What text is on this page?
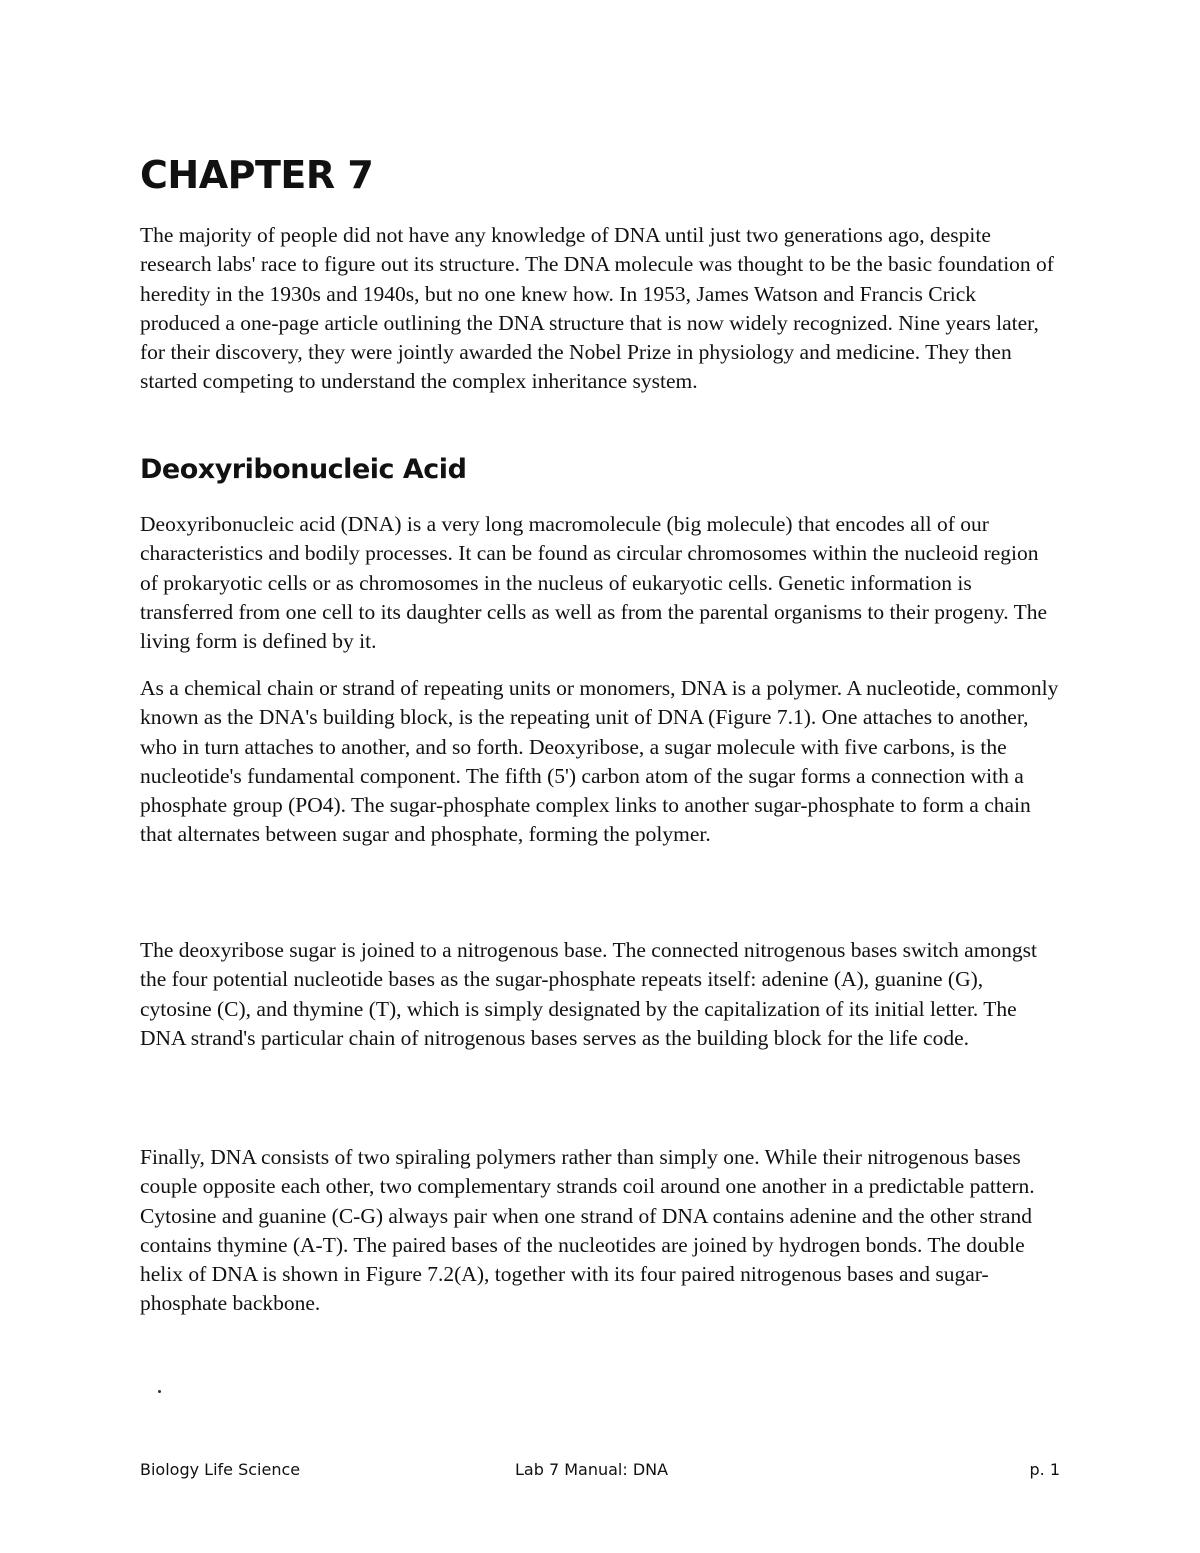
CHAPTER 7

The majority of people did not have any knowledge of DNA until just two generations ago, despite research labs' race to figure out its structure. The DNA molecule was thought to be the basic foundation of heredity in the 1930s and 1940s, but no one knew how. In 1953, James Watson and Francis Crick produced a one-page article outlining the DNA structure that is now widely recognized. Nine years later, for their discovery, they were jointly awarded the Nobel Prize in physiology and medicine. They then started competing to understand the complex inheritance system.

Deoxyribonucleic Acid

Deoxyribonucleic acid (DNA) is a very long macromolecule (big molecule) that encodes all of our characteristics and bodily processes. It can be found as circular chromosomes within the nucleoid region of prokaryotic cells or as chromosomes in the nucleus of eukaryotic cells. Genetic information is transferred from one cell to its daughter cells as well as from the parental organisms to their progeny. The living form is defined by it.

As a chemical chain or strand of repeating units or monomers, DNA is a polymer. A nucleotide, commonly known as the DNA's building block, is the repeating unit of DNA (Figure 7.1). One attaches to another, who in turn attaches to another, and so forth. Deoxyribose, a sugar molecule with five carbons, is the nucleotide's fundamental component. The fifth (5') carbon atom of the sugar forms a connection with a phosphate group (PO4). The sugar-phosphate complex links to another sugar-phosphate to form a chain that alternates between sugar and phosphate, forming the polymer.

The deoxyribose sugar is joined to a nitrogenous base. The connected nitrogenous bases switch amongst the four potential nucleotide bases as the sugar-phosphate repeats itself: adenine (A), guanine (G), cytosine (C), and thymine (T), which is simply designated by the capitalization of its initial letter. The DNA strand's particular chain of nitrogenous bases serves as the building block for the life code.

Finally, DNA consists of two spiraling polymers rather than simply one. While their nitrogenous bases couple opposite each other, two complementary strands coil around one another in a predictable pattern. Cytosine and guanine (C-G) always pair when one strand of DNA contains adenine and the other strand contains thymine (A-T). The paired bases of the nucleotides are joined by hydrogen bonds. The double helix of DNA is shown in Figure 7.2(A), together with its four paired nitrogenous bases and sugar-phosphate backbone.

Biology Life Science	Lab 7 Manual: DNA	p. 1
